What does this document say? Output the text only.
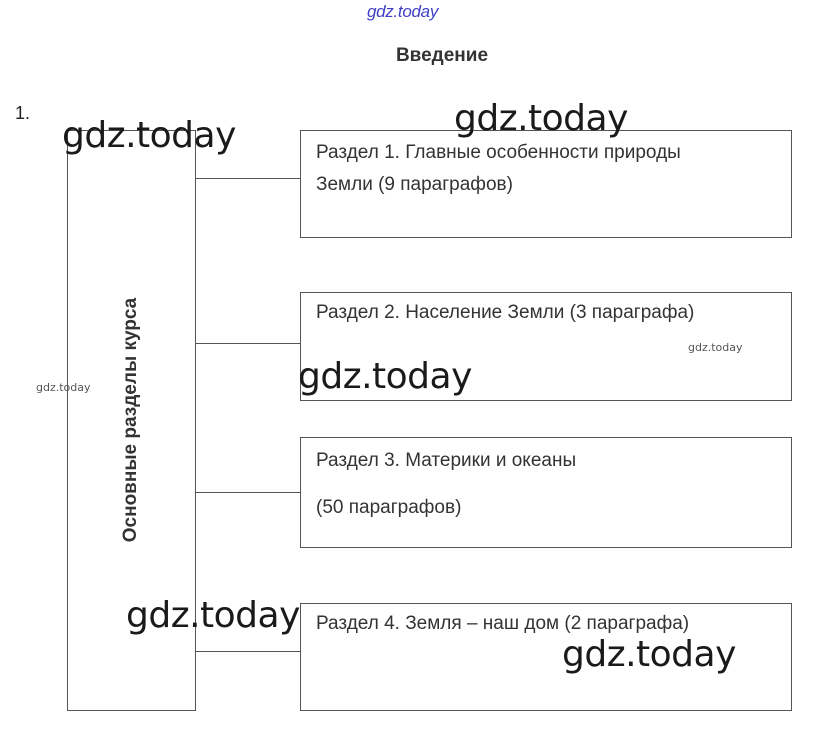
gdz.today
Введение
1.
Основные разделы курса
Раздел 1. Главные особенности природы
Земли (9 параграфов)
Раздел 2. Население Земли (3 параграфа)
Раздел 3. Материки и океаны
(50 параграфов)
Раздел 4. Земля – наш дом (2 параграфа)
gdz.today	gdz.today
gdz.today
gdz.today
gdz.today
gdz.today
gdz.today
